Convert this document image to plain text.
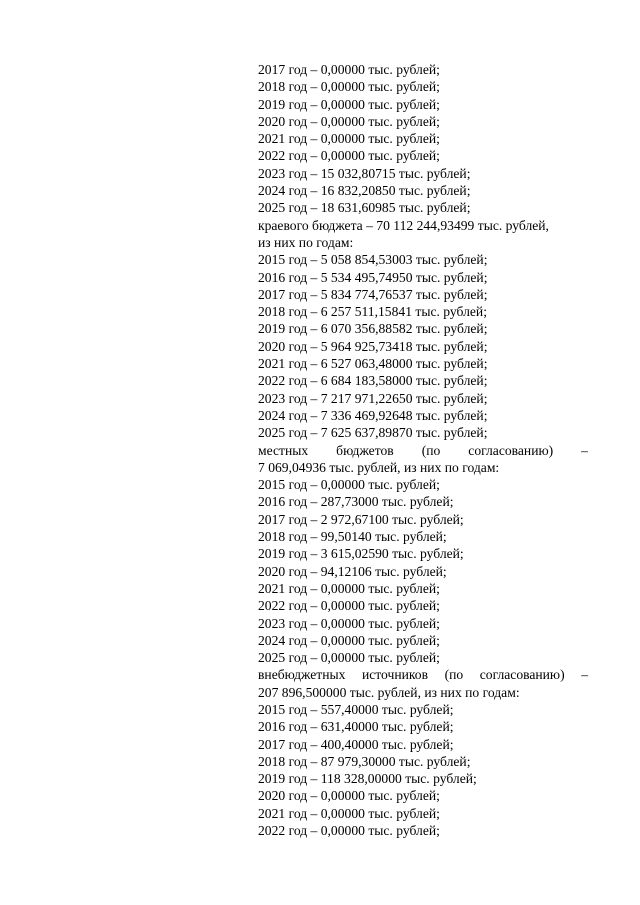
2017 год – 0,00000 тыс. рублей;
2018 год – 0,00000 тыс. рублей;
2019 год – 0,00000 тыс. рублей;
2020 год – 0,00000 тыс. рублей;
2021 год – 0,00000 тыс. рублей;
2022 год – 0,00000 тыс. рублей;
2023 год – 15 032,80715 тыс. рублей;
2024 год – 16 832,20850 тыс. рублей;
2025 год – 18 631,60985 тыс. рублей;
краевого бюджета – 70 112 244,93499 тыс. рублей,
из них по годам:
2015 год – 5 058 854,53003 тыс. рублей;
2016 год – 5 534 495,74950 тыс. рублей;
2017 год – 5 834 774,76537 тыс. рублей;
2018 год – 6 257 511,15841 тыс. рублей;
2019 год – 6 070 356,88582 тыс. рублей;
2020 год – 5 964 925,73418 тыс. рублей;
2021 год – 6 527 063,48000 тыс. рублей;
2022 год – 6 684 183,58000 тыс. рублей;
2023 год – 7 217 971,22650 тыс. рублей;
2024 год – 7 336 469,92648 тыс. рублей;
2025 год – 7 625 637,89870 тыс. рублей;
местных бюджетов (по согласованию) –
7 069,04936 тыс. рублей, из них по годам:
2015 год – 0,00000 тыс. рублей;
2016 год – 287,73000 тыс. рублей;
2017 год – 2 972,67100 тыс. рублей;
2018 год – 99,50140 тыс. рублей;
2019 год – 3 615,02590 тыс. рублей;
2020 год – 94,12106 тыс. рублей;
2021 год – 0,00000 тыс. рублей;
2022 год – 0,00000 тыс. рублей;
2023 год – 0,00000 тыс. рублей;
2024 год – 0,00000 тыс. рублей;
2025 год – 0,00000 тыс. рублей;
внебюджетных источников (по согласованию) –
207 896,500000 тыс. рублей, из них по годам:
2015 год – 557,40000 тыс. рублей;
2016 год – 631,40000 тыс. рублей;
2017 год – 400,40000 тыс. рублей;
2018 год – 87 979,30000 тыс. рублей;
2019 год – 118 328,00000 тыс. рублей;
2020 год – 0,00000 тыс. рублей;
2021 год – 0,00000 тыс. рублей;
2022 год – 0,00000 тыс. рублей;
